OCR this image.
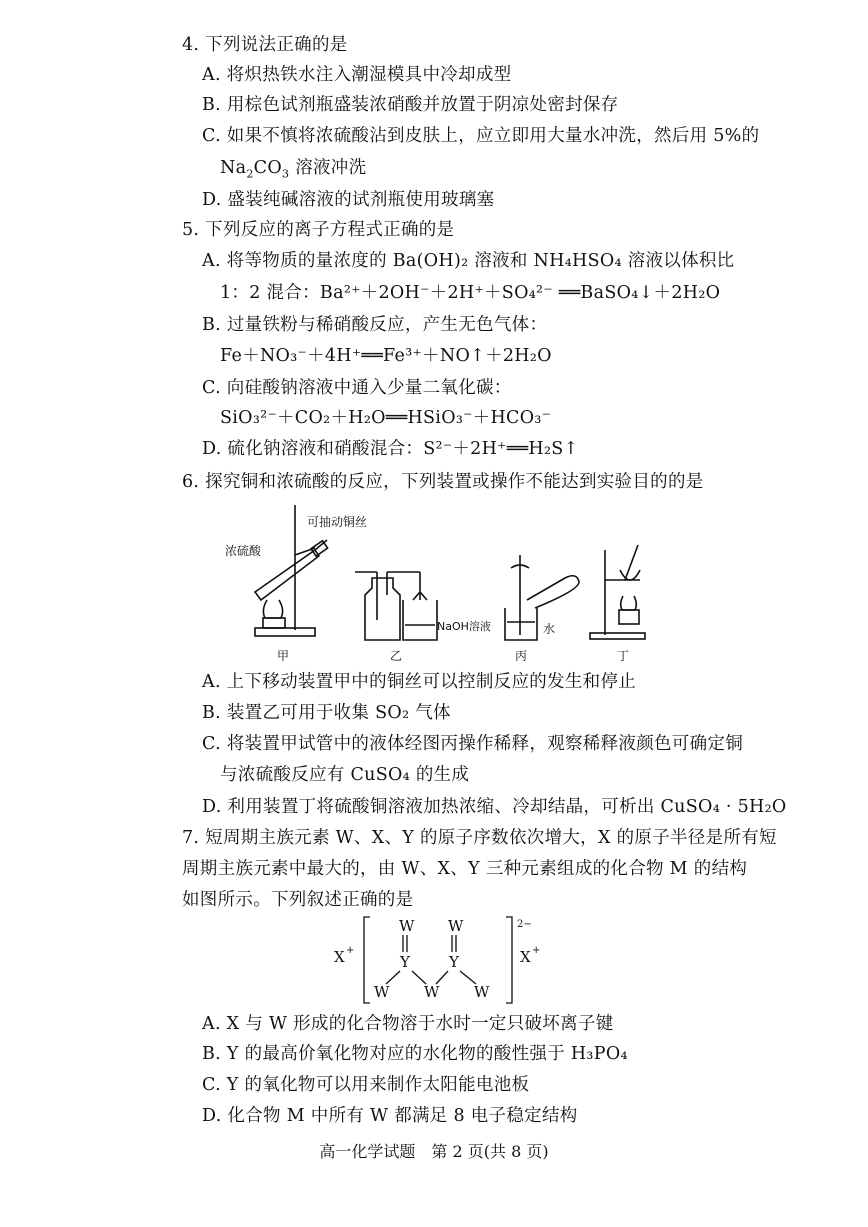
4. 下列说法正确的是
A. 将炽热铁水注入潮湿模具中冷却成型
B. 用棕色试剂瓶盛装浓硝酸并放置于阴凉处密封保存
C. 如果不慎将浓硫酸沾到皮肤上，应立即用大量水冲洗，然后用 5%的
$Na_2CO_3$ 溶液冲洗
D. 盛装纯碱溶液的试剂瓶使用玻璃塞
5. 下列反应的离子方程式正确的是
A. 将等物质的量浓度的 Ba(OH)₂ 溶液和 NH₄HSO₄ 溶液以体积比
1：2 混合：Ba²⁺＋2OH⁻＋2H⁺＋SO₄²⁻ ══BaSO₄↓＋2H₂O
B. 过量铁粉与稀硝酸反应，产生无色气体：
Fe＋NO₃⁻＋4H⁺══Fe³⁺＋NO↑＋2H₂O
C. 向硅酸钠溶液中通入少量二氧化碳：
SiO₃²⁻＋CO₂＋H₂O══HSiO₃⁻＋HCO₃⁻
D. 硫化钠溶液和硝酸混合：S²⁻＋2H⁺══H₂S↑
6. 探究铜和浓硫酸的反应，下列装置或操作不能达到实验目的的是
浓硫酸
可抽动铜丝
NaOH溶液	水
甲	乙	丙	丁
A. 上下移动装置甲中的铜丝可以控制反应的发生和停止
B. 装置乙可用于收集 SO₂ 气体
C. 将装置甲试管中的液体经图丙操作稀释，观察稀释液颜色可确定铜
与浓硫酸反应有 CuSO₄ 的生成
D. 利用装置丁将硫酸铜溶液加热浓缩、冷却结晶，可析出 CuSO₄ · 5H₂O
7. 短周期主族元素 W、X、Y 的原子序数依次增大，X 的原子半径是所有短
周期主族元素中最大的，由 W、X、Y 三种元素组成的化合物 M 的结构
如图所示。下列叙述正确的是
X +
W W
Y	Y
W W W
2−
X +
A. X 与 W 形成的化合物溶于水时一定只破坏离子键
B. Y 的最高价氧化物对应的水化物的酸性强于 H₃PO₄
C. Y 的氧化物可以用来制作太阳能电池板
D. 化合物 M 中所有 W 都满足 8 电子稳定结构
高一化学试题　第 2 页(共 8 页)
